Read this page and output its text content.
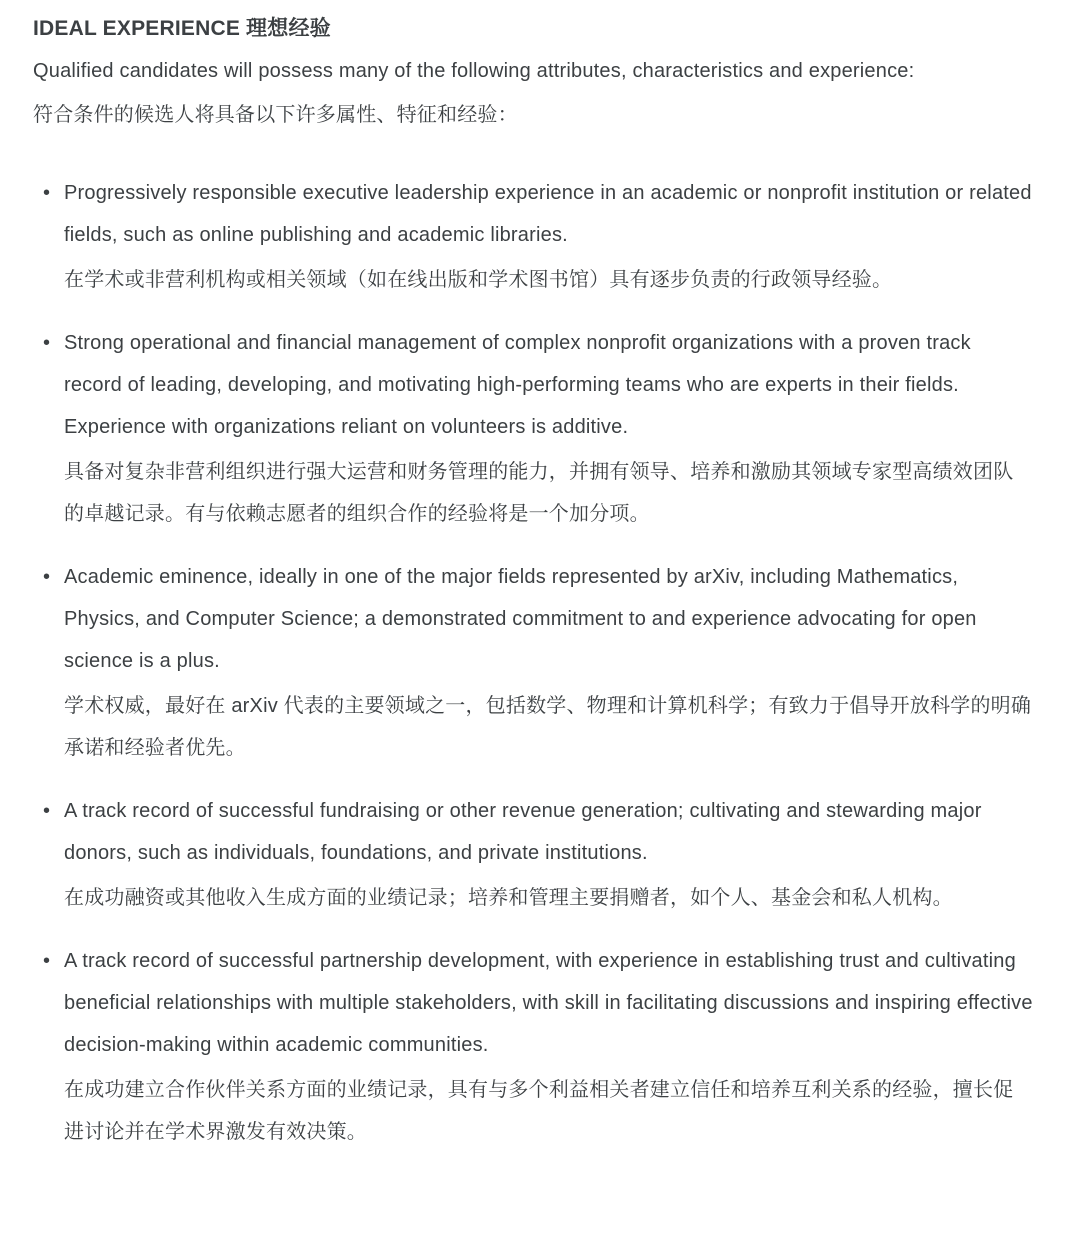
IDEAL EXPERIENCE 理想经验

Qualified candidates will possess many of the following attributes, characteristics and experience:

符合条件的候选人将具备以下许多属性、特征和经验：

• Progressively responsible executive leadership experience in an academic or nonprofit institution or related fields, such as online publishing and academic libraries.

在学术或非营利机构或相关领域（如在线出版和学术图书馆）具有逐步负责的行政领导经验。

• Strong operational and financial management of complex nonprofit organizations with a proven track record of leading, developing, and motivating high-performing teams who are experts in their fields. Experience with organizations reliant on volunteers is additive.

具备对复杂非营利组织进行强大运营和财务管理的能力，并拥有领导、培养和激励其领域专家型高绩效团队的卓越记录。有与依赖志愿者的组织合作的经验将是一个加分项。

• Academic eminence, ideally in one of the major fields represented by arXiv, including Mathematics, Physics, and Computer Science; a demonstrated commitment to and experience advocating for open science is a plus.

学术权威，最好在 arXiv 代表的主要领域之一，包括数学、物理和计算机科学；有致力于倡导开放科学的明确承诺和经验者优先。

• A track record of successful fundraising or other revenue generation; cultivating and stewarding major donors, such as individuals, foundations, and private institutions.

在成功融资或其他收入生成方面的业绩记录；培养和管理主要捐赠者，如个人、基金会和私人机构。

• A track record of successful partnership development, with experience in establishing trust and cultivating beneficial relationships with multiple stakeholders, with skill in facilitating discussions and inspiring effective decision-making within academic communities.

在成功建立合作伙伴关系方面的业绩记录，具有与多个利益相关者建立信任和培养互利关系的经验，擅长促进讨论并在学术界激发有效决策。
